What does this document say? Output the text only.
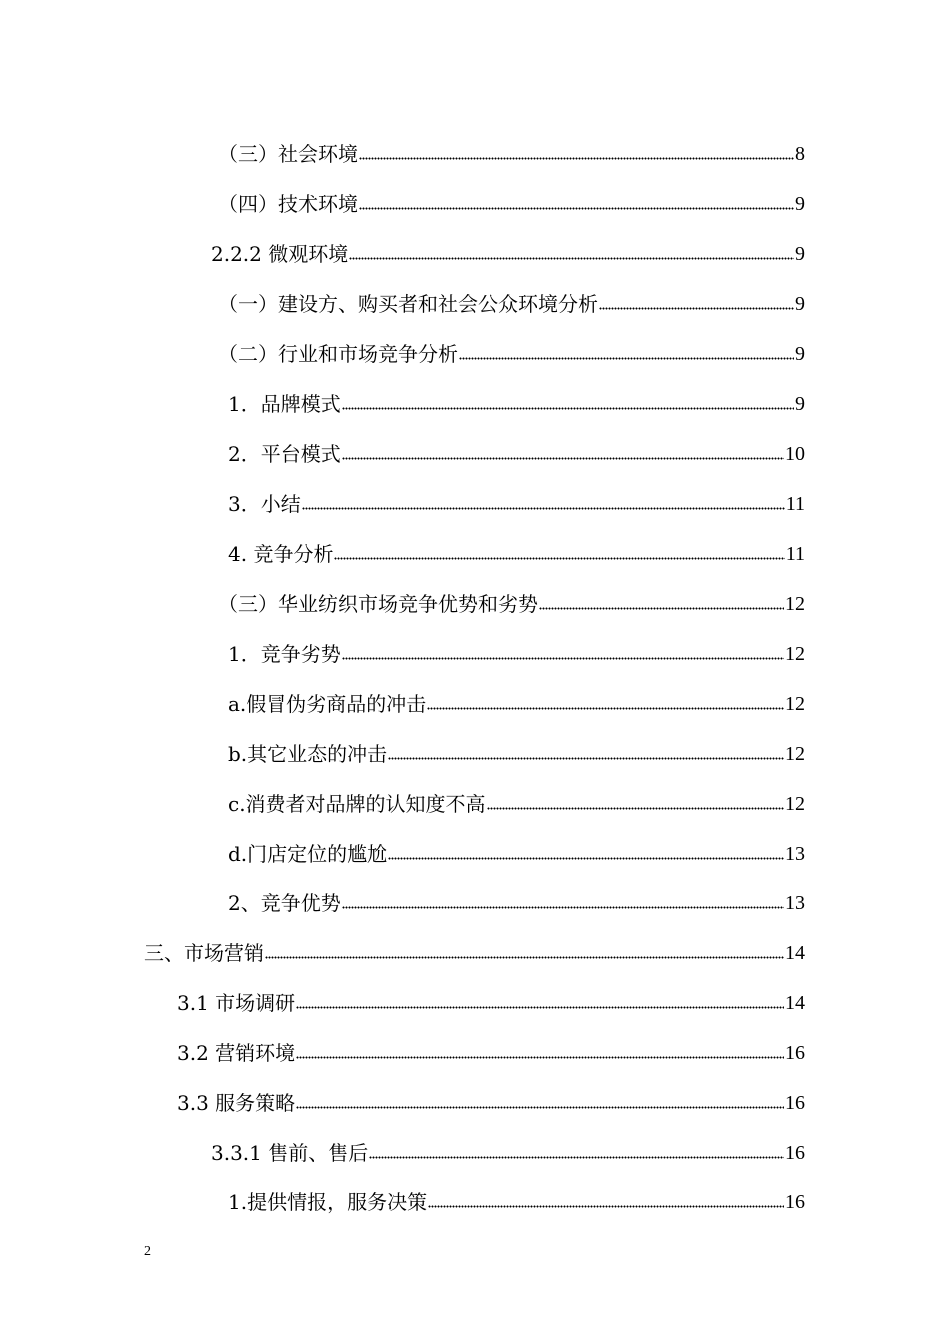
（三）社会环境	8
（四）技术环境	9
2.2.2 微观环境	9
（一）建设方、购买者和社会公众环境分析	9
（二）行业和市场竞争分析	9
1．品牌模式	9
2．平台模式	10
3．小结	11
4. 竞争分析	11
（三）华业纺织市场竞争优势和劣势	12
1．竞争劣势	12
a.假冒伪劣商品的冲击	12
b.其它业态的冲击	12
c.消费者对品牌的认知度不高	12
d.门店定位的尴尬	13
2、竞争优势	13
三、市场营销	14
3.1 市场调研	14
3.2 营销环境	16
3.3 服务策略	16
3.3.1 售前、售后	16
1.提供情报，服务决策	16
2
